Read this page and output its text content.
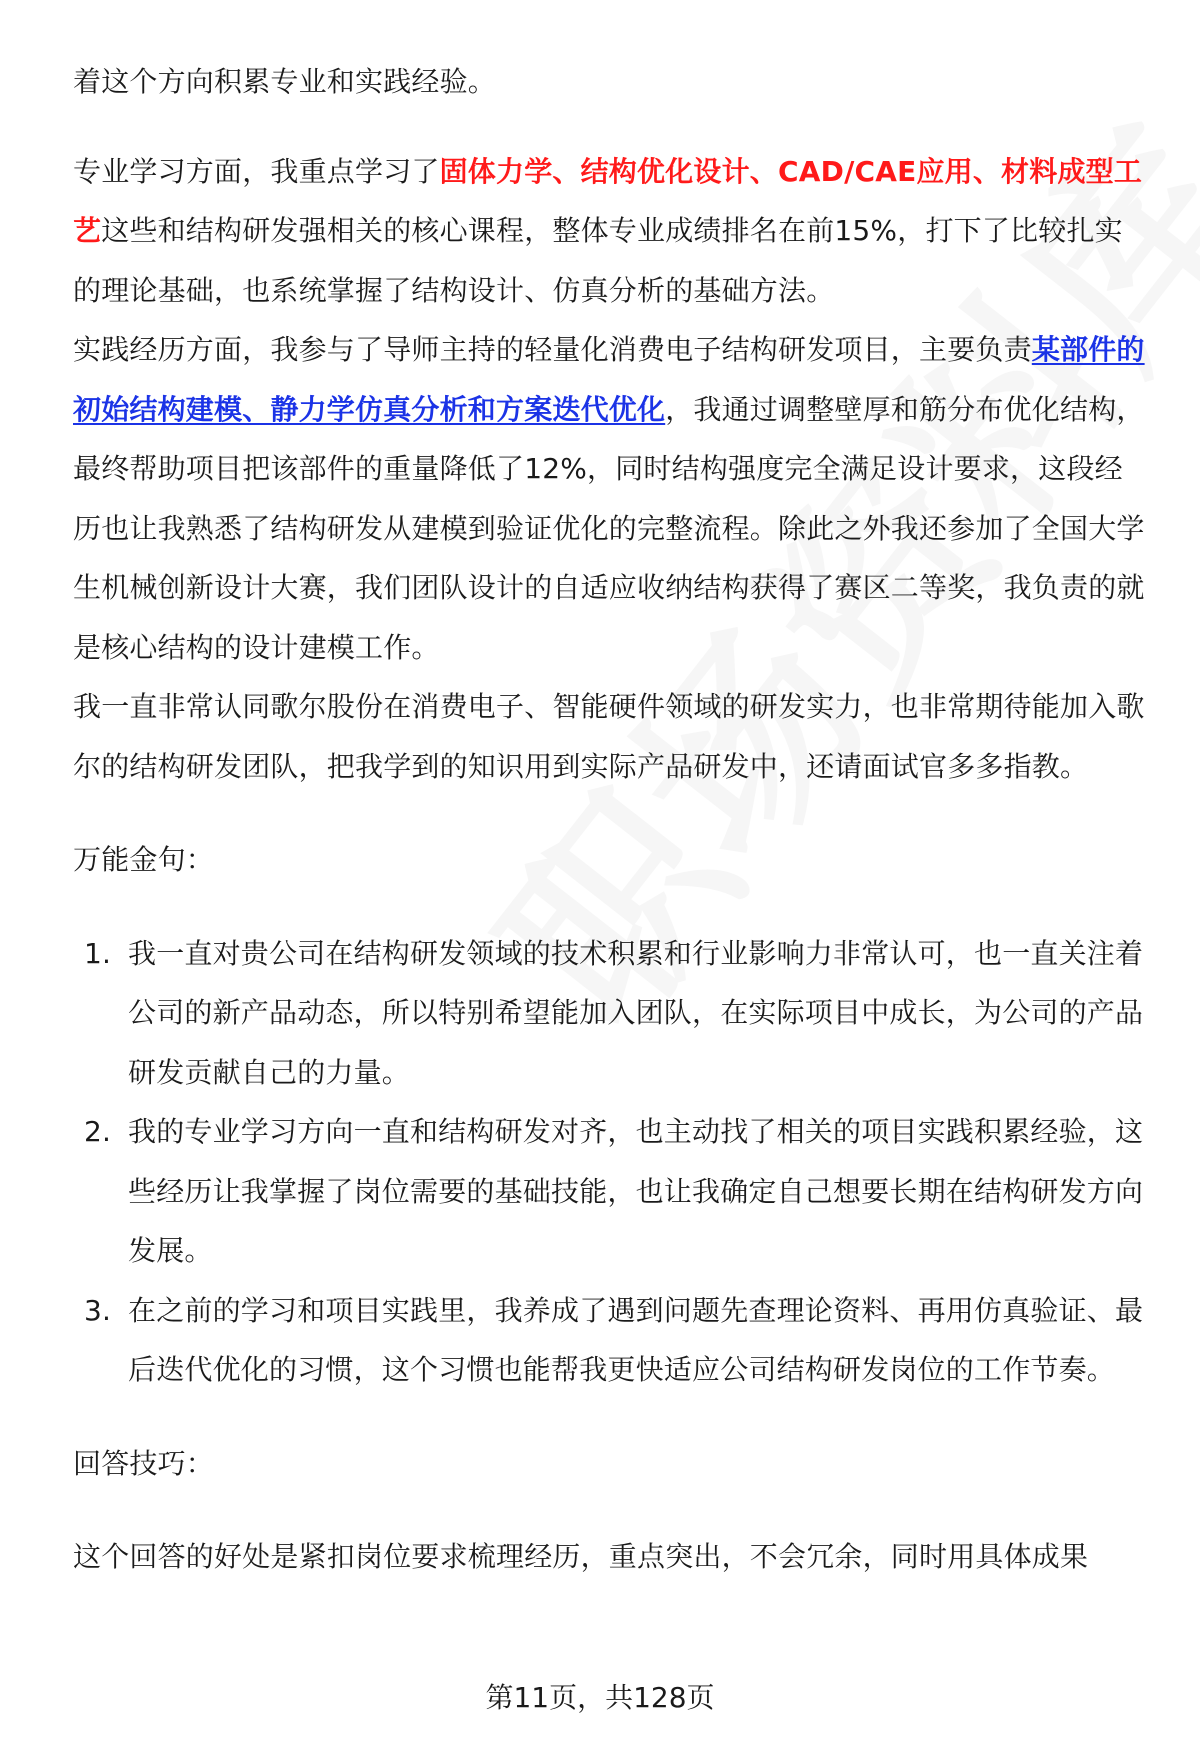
着这个方向积累专业和实践经验。

专业学习方面，我重点学习了固体力学、结构优化设计、CAD/CAE应用、材料成型工艺这些和结构研发强相关的核心课程，整体专业成绩排名在前15%，打下了比较扎实的理论基础，也系统掌握了结构设计、仿真分析的基础方法。

实践经历方面，我参与了导师主持的轻量化消费电子结构研发项目，主要负责某部件的初始结构建模、静力学仿真分析和方案迭代优化，我通过调整壁厚和筋分布优化结构，最终帮助项目把该部件的重量降低了12%，同时结构强度完全满足设计要求，这段经历也让我熟悉了结构研发从建模到验证优化的完整流程。除此之外我还参加了全国大学生机械创新设计大赛，我们团队设计的自适应收纳结构获得了赛区二等奖，我负责的就是核心结构的设计建模工作。

我一直非常认同歌尔股份在消费电子、智能硬件领域的研发实力，也非常期待能加入歌尔的结构研发团队，把我学到的知识用到实际产品研发中，还请面试官多多指教。

万能金句：

1. 我一直对贵公司在结构研发领域的技术积累和行业影响力非常认可，也一直关注着公司的新产品动态，所以特别希望能加入团队，在实际项目中成长，为公司的产品研发贡献自己的力量。
2. 我的专业学习方向一直和结构研发对齐，也主动找了相关的项目实践积累经验，这些经历让我掌握了岗位需要的基础技能，也让我确定自己想要长期在结构研发方向发展。
3. 在之前的学习和项目实践里，我养成了遇到问题先查理论资料、再用仿真验证、最后迭代优化的习惯，这个习惯也能帮我更快适应公司结构研发岗位的工作节奏。

回答技巧：

这个回答的好处是紧扣岗位要求梳理经历，重点突出，不会冗余，同时用具体成果

第11页，共128页
